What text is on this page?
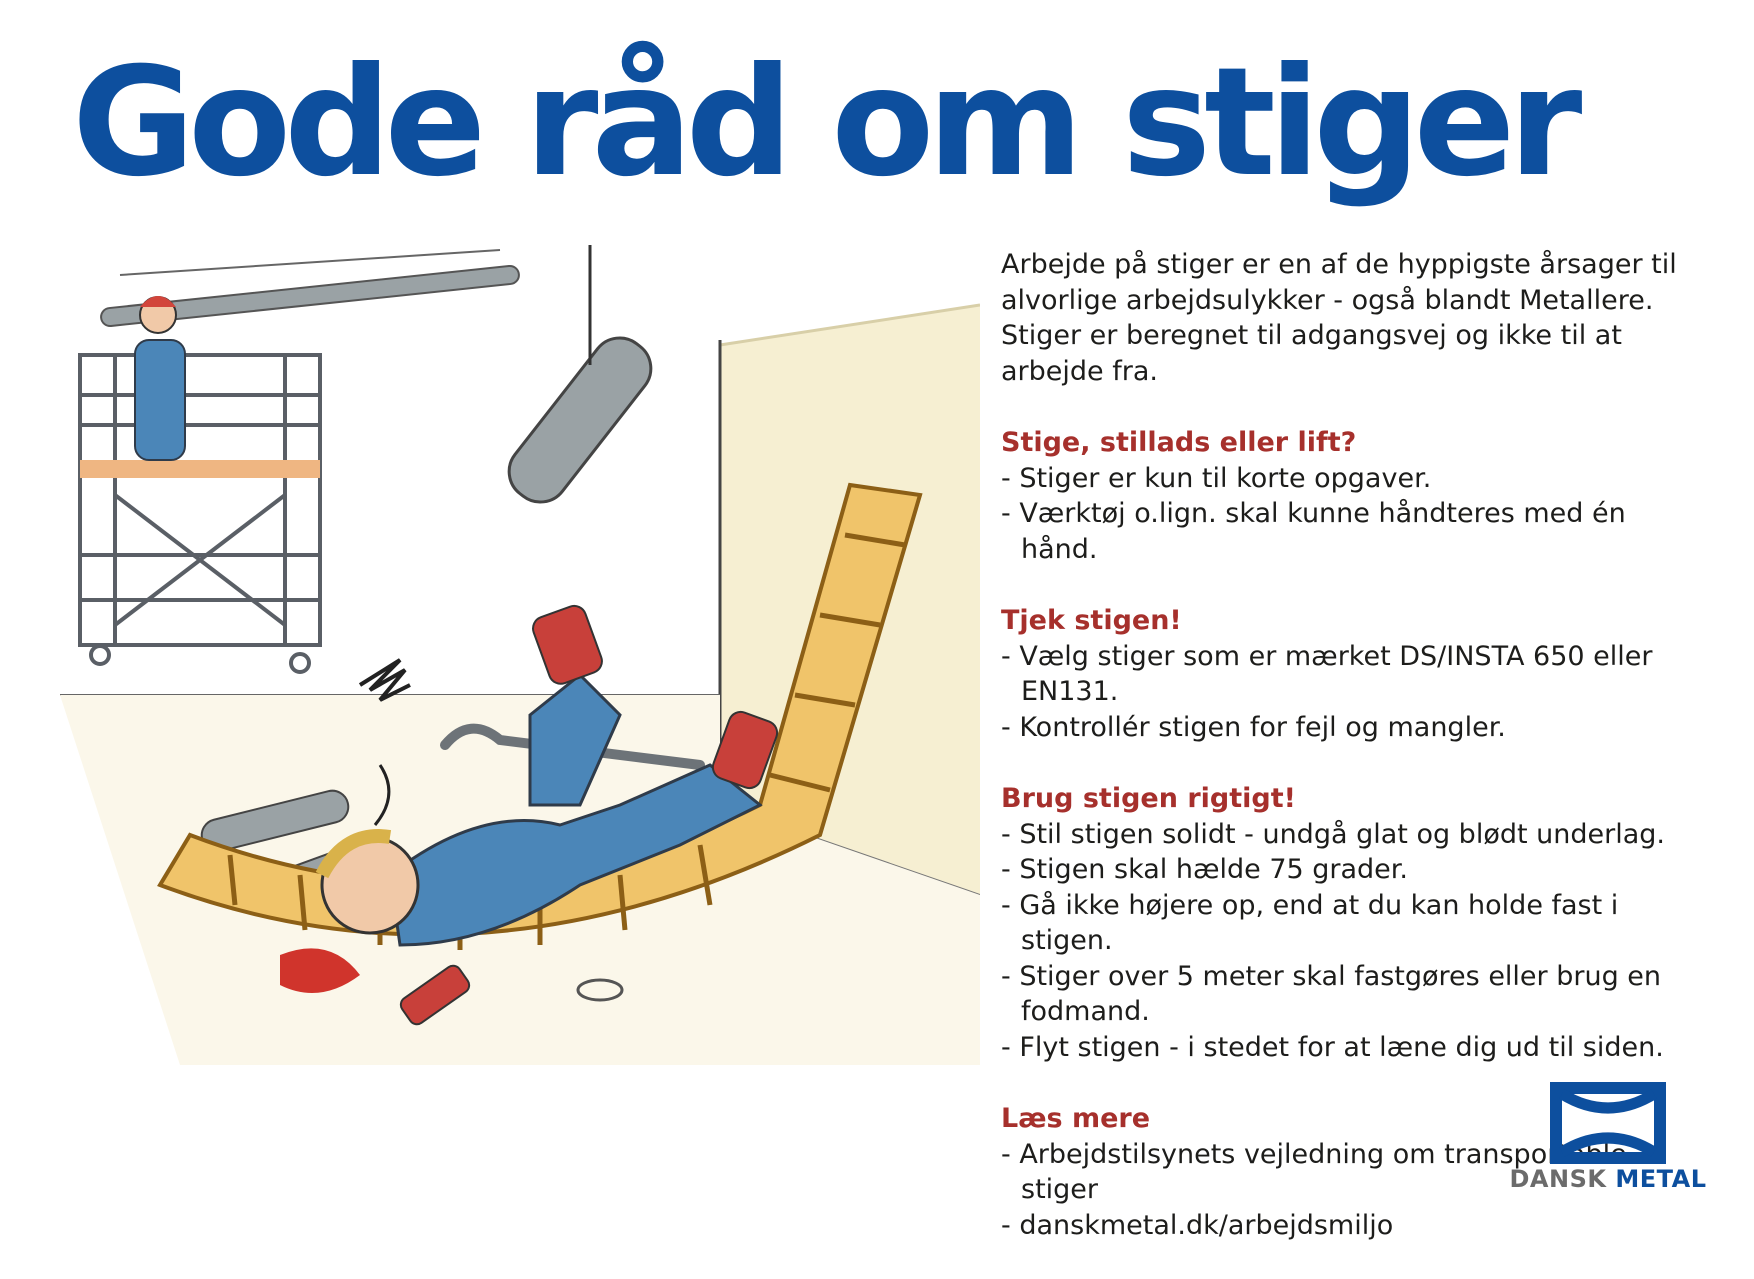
Gode råd om stiger

Arbejde på stiger er en af de hyppigste årsager til alvorlige arbejdsulykker - også blandt Metallere. Stiger er beregnet til adgangsvej og ikke til at arbejde fra.

Stige, stillads eller lift?
- Stiger er kun til korte opgaver.
- Værktøj o.lign. skal kunne håndteres med én hånd.
Tjek stigen!
- Vælg stiger som er mærket DS/INSTA 650 eller EN131.
- Kontrollér stigen for fejl og mangler.
Brug stigen rigtigt!
- Stil stigen solidt - undgå glat og blødt underlag.
- Stigen skal hælde 75 grader.
- Gå ikke højere op, end at du kan holde fast i stigen.
- Stiger over 5 meter skal fastgøres eller brug en fodmand.
- Flyt stigen - i stedet for at læne dig ud til siden.
Læs mere
- Arbejdstilsynets vejledning om transportable stiger
- danskmetal.dk/arbejdsmiljo
DANSK METAL
